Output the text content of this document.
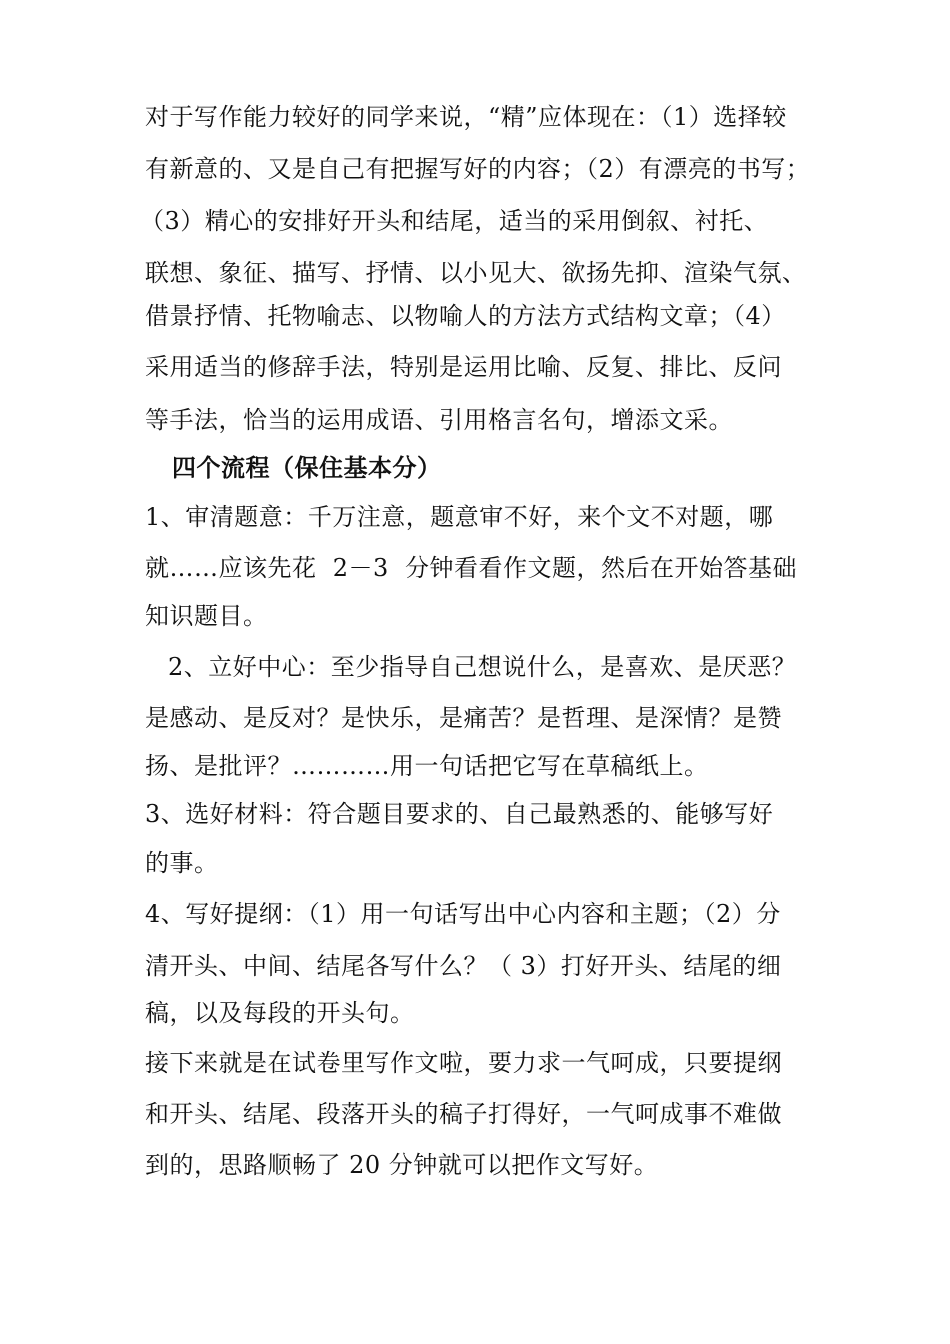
对于写作能力较好的同学来说，“精”应体现在：（1）选择较
有新意的、又是自己有把握写好的内容；（2）有漂亮的书写；
（3）精心的安排好开头和结尾，适当的采用倒叙、衬托、
联想、象征、描写、抒情、以小见大、欲扬先抑、渲染气氛、
借景抒情、托物喻志、以物喻人的方法方式结构文章；（4）
采用适当的修辞手法，特别是运用比喻、反复、排比、反问
等手法，恰当的运用成语、引用格言名句，增添文采。
四个流程（保住基本分）
1、审清题意：千万注意，题意审不好，来个文不对题，哪
就……应该先花  2－3  分钟看看作文题，然后在开始答基础
知识题目。
2、立好中心：至少指导自己想说什么，是喜欢、是厌恶？
是感动、是反对？是快乐，是痛苦？是哲理、是深情？是赞
扬、是批评？…………用一句话把它写在草稿纸上。
3、选好材料：符合题目要求的、自己最熟悉的、能够写好
的事。
4、写好提纲：（1）用一句话写出中心内容和主题；（2）分
清开头、中间、结尾各写什么？（ 3）打好开头、结尾的细
稿，以及每段的开头句。
接下来就是在试卷里写作文啦，要力求一气呵成，只要提纲
和开头、结尾、段落开头的稿子打得好，一气呵成事不难做
到的，思路顺畅了 20 分钟就可以把作文写好。
